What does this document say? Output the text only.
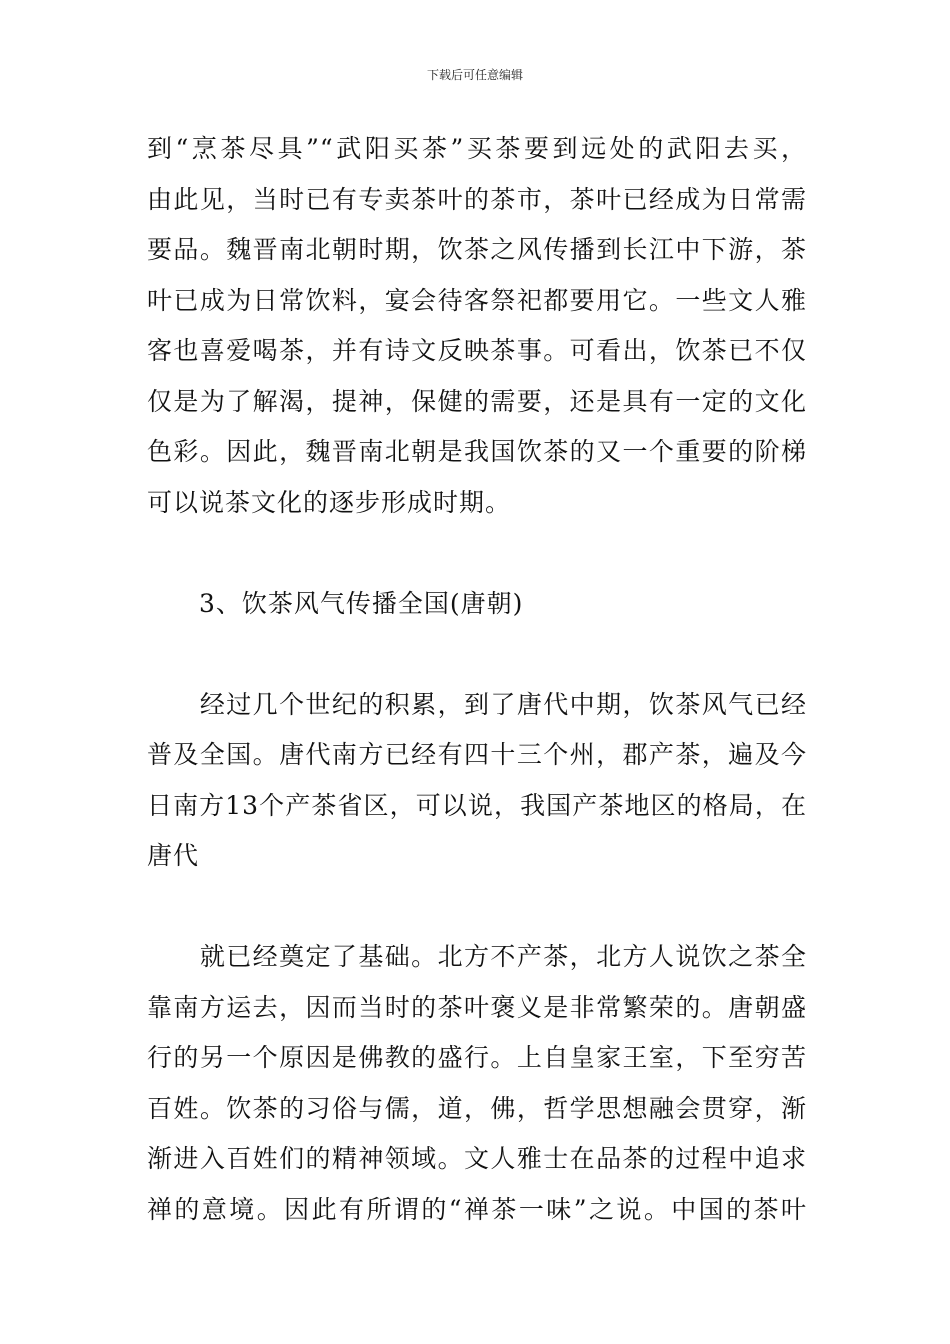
下载后可任意编辑
到“烹茶尽具”“武阳买茶”买茶要到远处的武阳去买，
由此见，当时已有专卖茶叶的茶市，茶叶已经成为日常需
要品。魏晋南北朝时期，饮茶之风传播到长江中下游，茶
叶已成为日常饮料，宴会待客祭祀都要用它。一些文人雅
客也喜爱喝茶，并有诗文反映茶事。可看出，饮茶已不仅
仅是为了解渴，提神，保健的需要，还是具有一定的文化
色彩。因此，魏晋南北朝是我国饮茶的又一个重要的阶梯
可以说茶文化的逐步形成时期。
　　3、饮茶风气传播全国(唐朝)
　　经过几个世纪的积累，到了唐代中期，饮茶风气已经
普及全国。唐代南方已经有四十三个州，郡产茶，遍及今
日南方13个产茶省区，可以说，我国产茶地区的格局，在
唐代
　　就已经奠定了基础。北方不产茶，北方人说饮之茶全
靠南方运去，因而当时的茶叶褒义是非常繁荣的。唐朝盛
行的另一个原因是佛教的盛行。上自皇家王室，下至穷苦
百姓。饮茶的习俗与儒，道，佛，哲学思想融会贯穿，渐
渐进入百姓们的精神领域。文人雅士在品茶的过程中追求
禅的意境。因此有所谓的“禅茶一味”之说。中国的茶叶
